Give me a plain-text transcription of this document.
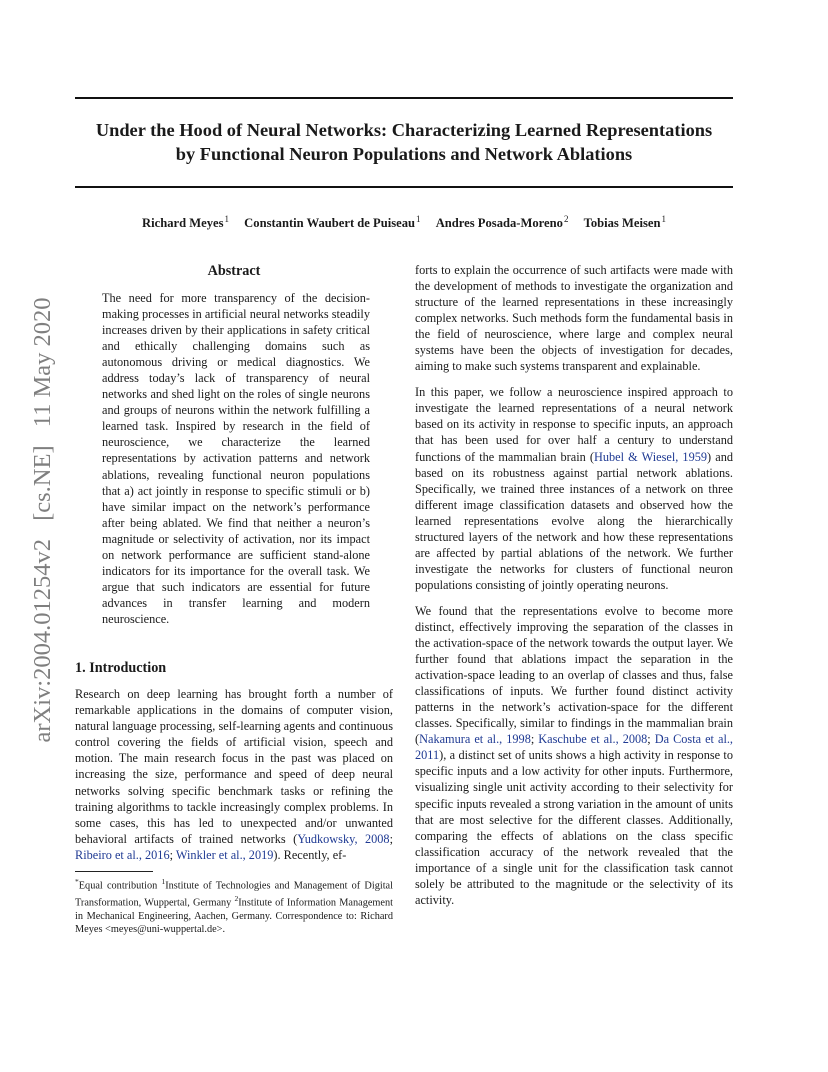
Under the Hood of Neural Networks: Characterizing Learned Representations
by Functional Neuron Populations and Network Ablations
Richard Meyes$^1$ Constantin Waubert de Puiseau$^1$ Andres Posada-Moreno$^2$ Tobias Meisen$^1$
arXiv:2004.01254v2 [cs.NE] 11 May 2020
Abstract

The need for more transparency of the decision-making processes in artificial neural networks steadily increases driven by their applications in safety critical and ethically challenging domains such as autonomous driving or medical diagnostics. We address today’s lack of transparency of neural networks and shed light on the roles of single neurons and groups of neurons within the network fulfilling a learned task. Inspired by research in the field of neuroscience, we characterize the learned representations by activation patterns and network ablations, revealing functional neuron populations that a) act jointly in response to specific stimuli or b) have similar impact on the network’s performance after being ablated. We find that neither a neuron’s magnitude or selectivity of activation, nor its impact on network performance are sufficient stand-alone indicators for its importance for the overall task. We argue that such indicators are essential for future advances in transfer learning and modern neuroscience.

1. Introduction

Research on deep learning has brought forth a number of remarkable applications in the domains of computer vision, natural language processing, self-learning agents and continuous control covering the fields of artificial vision, speech and motion. The main research focus in the past was placed on increasing the size, performance and speed of deep neural networks solving specific benchmark tasks or refining the training algorithms to tackle increasingly complex problems. In some cases, this has led to unexpected and/or unwanted behavioral artifacts of trained networks (Yudkowsky, 2008; Ribeiro et al., 2016; Winkler et al., 2019). Recently, ef-

*Equal contribution $^1$Institute of Technologies and Management of Digital Transformation, Wuppertal, Germany $^2$Institute of Information Management in Mechanical Engineering, Aachen, Germany. Correspondence to: Richard Meyes <meyes@uni-wuppertal.de>.

forts to explain the occurrence of such artifacts were made with the development of methods to investigate the organization and structure of the learned representations in these increasingly complex networks. Such methods form the fundamental basis in the field of neuroscience, where large and complex neural systems have been the objects of investigation for decades, aiming to make such systems transparent and explainable.

In this paper, we follow a neuroscience inspired approach to investigate the learned representations of a neural network based on its activity in response to specific inputs, an approach that has been used for over half a century to understand functions of the mammalian brain (Hubel & Wiesel, 1959) and based on its robustness against partial network ablations. Specifically, we trained three instances of a network on three different image classification datasets and observed how the learned representations evolve along the hierarchically structured layers of the network and how these representations are affected by partial ablations of the network. We further investigate the networks for clusters of functional neuron populations consisting of jointly operating neurons.

We found that the representations evolve to become more distinct, effectively improving the separation of the classes in the activation-space of the network towards the output layer. We further found that ablations impact the separation in the activation-space leading to an overlap of classes and thus, false classifications of inputs. We further found distinct activity patterns in the network’s activation-space for the different classes. Specifically, similar to findings in the mammalian brain (Nakamura et al., 1998; Kaschube et al., 2008; Da Costa et al., 2011), a distinct set of units shows a high activity in response to specific inputs and a low activity for other inputs. Furthermore, visualizing single unit activity according to their selectivity for specific inputs revealed a strong variation in the amount of units that are most selective for the different classes. Additionally, comparing the effects of ablations on the class specific classification accuracy of the network revealed that the importance of a single unit for the classification task cannot solely be attributed to the magnitude or the selectivity of its activity.
